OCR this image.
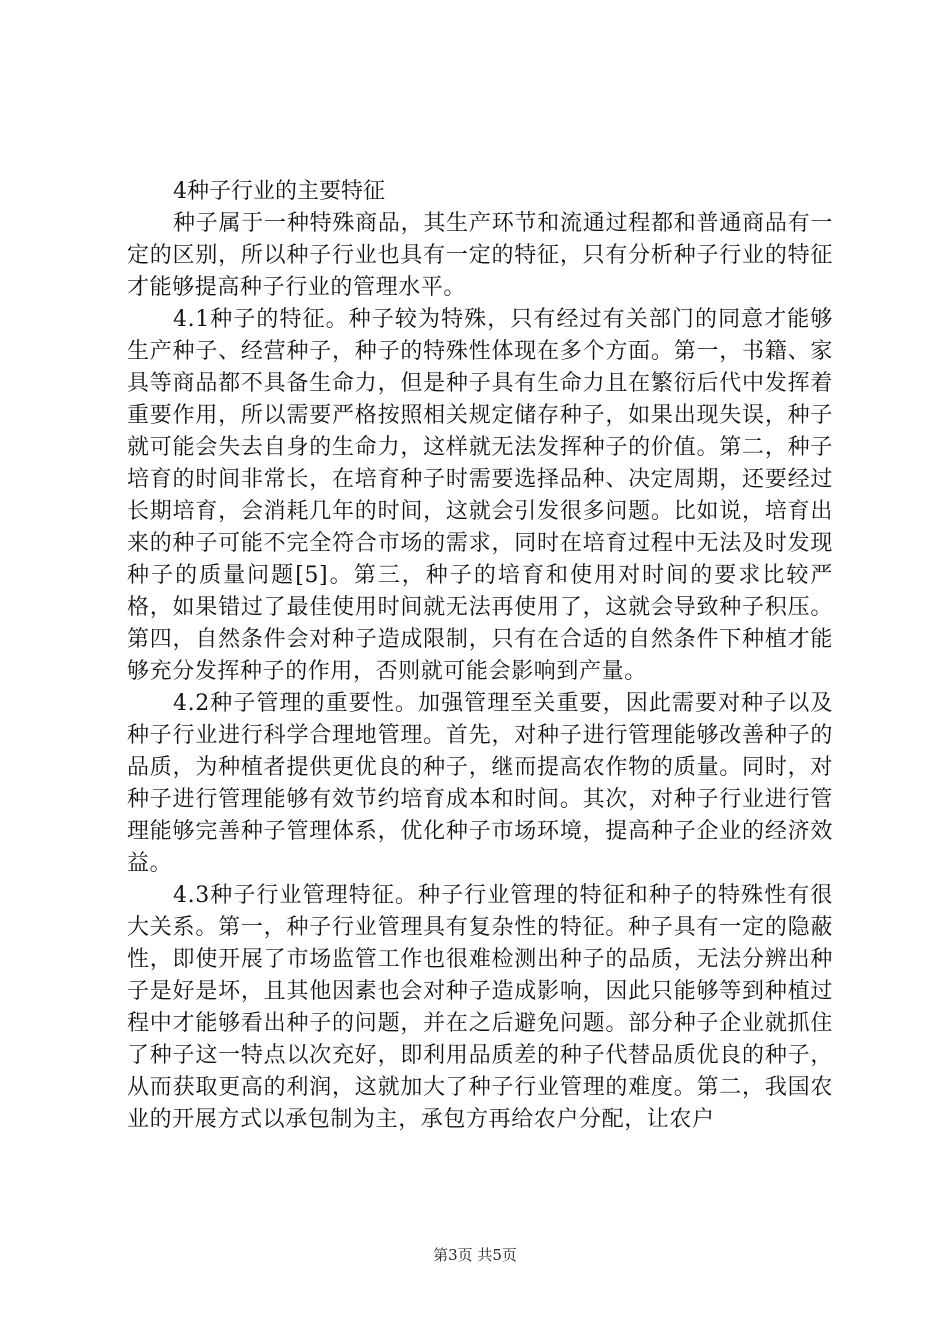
4种子行业的主要特征

种子属于一种特殊商品，其生产环节和流通过程都和普通商品有一定的区别，所以种子行业也具有一定的特征，只有分析种子行业的特征才能够提高种子行业的管理水平。

4.1种子的特征。种子较为特殊，只有经过有关部门的同意才能够生产种子、经营种子，种子的特殊性体现在多个方面。第一，书籍、家具等商品都不具备生命力，但是种子具有生命力且在繁衍后代中发挥着重要作用，所以需要严格按照相关规定储存种子，如果出现失误，种子就可能会失去自身的生命力，这样就无法发挥种子的价值。第二，种子培育的时间非常长，在培育种子时需要选择品种、决定周期，还要经过长期培育，会消耗几年的时间，这就会引发很多问题。比如说，培育出来的种子可能不完全符合市场的需求，同时在培育过程中无法及时发现种子的质量问题[5]。第三，种子的培育和使用对时间的要求比较严格，如果错过了最佳使用时间就无法再使用了，这就会导致种子积压。第四，自然条件会对种子造成限制，只有在合适的自然条件下种植才能够充分发挥种子的作用，否则就可能会影响到产量。

4.2种子管理的重要性。加强管理至关重要，因此需要对种子以及种子行业进行科学合理地管理。首先，对种子进行管理能够改善种子的品质，为种植者提供更优良的种子，继而提高农作物的质量。同时，对种子进行管理能够有效节约培育成本和时间。其次，对种子行业进行管理能够完善种子管理体系，优化种子市场环境，提高种子企业的经济效益。

4.3种子行业管理特征。种子行业管理的特征和种子的特殊性有很大关系。第一，种子行业管理具有复杂性的特征。种子具有一定的隐蔽性，即使开展了市场监管工作也很难检测出种子的品质，无法分辨出种子是好是坏，且其他因素也会对种子造成影响，因此只能够等到种植过程中才能够看出种子的问题，并在之后避免问题。部分种子企业就抓住了种子这一特点以次充好，即利用品质差的种子代替品质优良的种子，从而获取更高的利润，这就加大了种子行业管理的难度。第二，我国农业的开展方式以承包制为主，承包方再给农户分配，让农户

第3页 共5页
